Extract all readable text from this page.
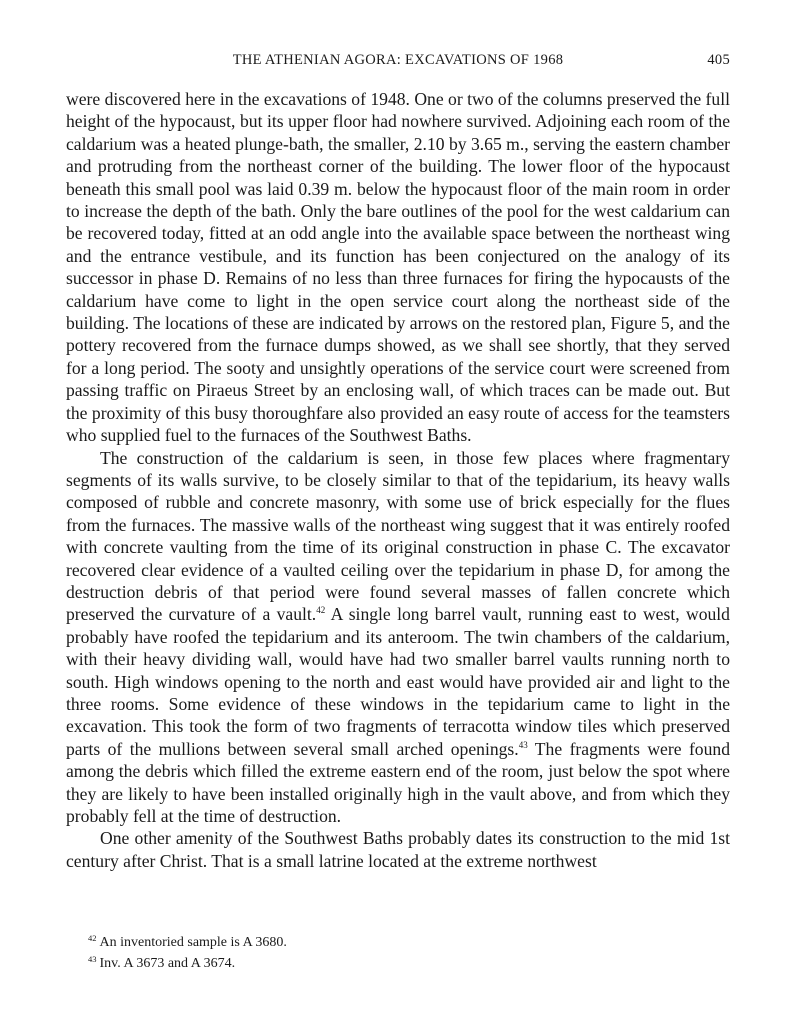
THE ATHENIAN AGORA: EXCAVATIONS OF 1968	405

were discovered here in the excavations of 1948. One or two of the columns preserved the full height of the hypocaust, but its upper floor had nowhere survived. Adjoining each room of the caldarium was a heated plunge-bath, the smaller, 2.10 by 3.65 m., serving the eastern chamber and protruding from the northeast corner of the building. The lower floor of the hypocaust beneath this small pool was laid 0.39 m. below the hypocaust floor of the main room in order to increase the depth of the bath. Only the bare outlines of the pool for the west caldarium can be recovered today, fitted at an odd angle into the available space between the northeast wing and the entrance vestibule, and its function has been conjectured on the analogy of its successor in phase D. Remains of no less than three furnaces for firing the hypocausts of the caldarium have come to light in the open service court along the northeast side of the building. The locations of these are indicated by arrows on the restored plan, Figure 5, and the pottery recovered from the furnace dumps showed, as we shall see shortly, that they served for a long period. The sooty and unsightly operations of the service court were screened from passing traffic on Piraeus Street by an enclosing wall, of which traces can be made out. But the proximity of this busy thoroughfare also provided an easy route of access for the teamsters who supplied fuel to the furnaces of the Southwest Baths.

The construction of the caldarium is seen, in those few places where fragmentary segments of its walls survive, to be closely similar to that of the tepidarium, its heavy walls composed of rubble and concrete masonry, with some use of brick especially for the flues from the furnaces. The massive walls of the northeast wing suggest that it was entirely roofed with concrete vaulting from the time of its original construction in phase C. The excavator recovered clear evidence of a vaulted ceiling over the tepidarium in phase D, for among the destruction debris of that period were found several masses of fallen concrete which preserved the curvature of a vault.$^{42}$ A single long barrel vault, running east to west, would probably have roofed the tepidarium and its anteroom. The twin chambers of the caldarium, with their heavy dividing wall, would have had two smaller barrel vaults running north to south. High windows opening to the north and east would have provided air and light to the three rooms. Some evidence of these windows in the tepidarium came to light in the excavation. This took the form of two fragments of terracotta window tiles which preserved parts of the mullions between several small arched openings.$^{43}$ The fragments were found among the debris which filled the extreme eastern end of the room, just below the spot where they are likely to have been installed originally high in the vault above, and from which they probably fell at the time of destruction.

One other amenity of the Southwest Baths probably dates its construction to the mid 1st century after Christ. That is a small latrine located at the extreme northwest

$^{42}$ An inventoried sample is A 3680.
$^{43}$ Inv. A 3673 and A 3674.
